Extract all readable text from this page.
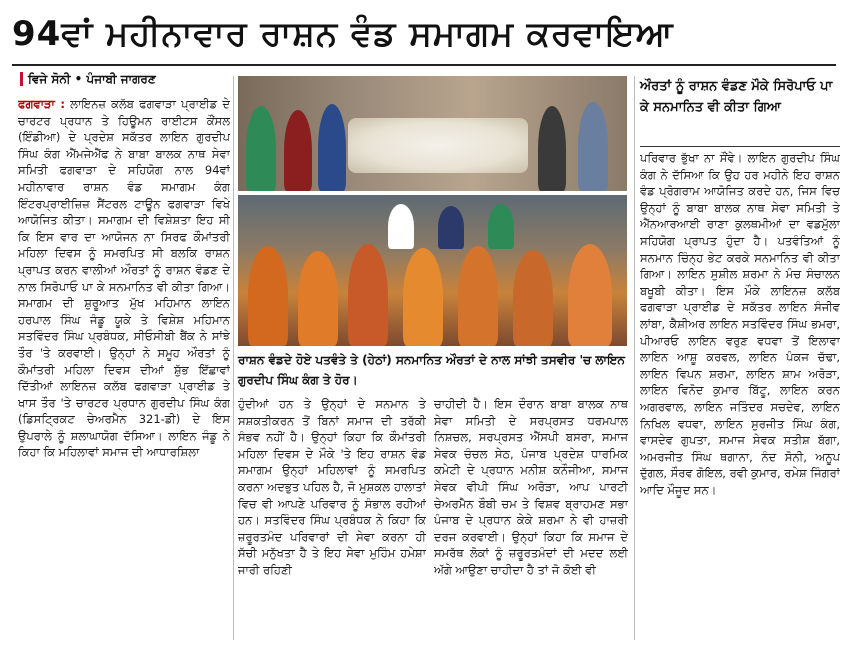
94ਵਾਂ ਮਹੀਨਾਵਾਰ ਰਾਸ਼ਨ ਵੰਡ ਸਮਾਗਮ ਕਰਵਾਇਆ
ਵਿਜੇ ਸੋਨੀ • ਪੰਜਾਬੀ ਜਾਗਰਣ

ਫਗਵਾੜਾ : ਲਾਇਨਜ਼ ਕਲੱਬ ਫਗਵਾੜਾ ਪ੍ਰਾਈਡ ਦੇ ਚਾਰਟਰ ਪ੍ਰਧਾਨ ਤੇ ਹਿਊਮਨ ਰਾਈਟਸ ਕੌਂਸਲ (ਇੰਡੀਆ) ਦੇ ਪ੍ਰਦੇਸ਼ ਸਕੱਤਰ ਲਾਇਨ ਗੁਰਦੀਪ ਸਿੰਘ ਕੰਗ ਐੱਮਜੇਐੱਫ ਨੇ ਬਾਬਾ ਬਾਲਕ ਨਾਥ ਸੇਵਾ ਸਮਿਤੀ ਫਗਵਾੜਾ ਦੇ ਸਹਿਯੋਗ ਨਾਲ 94ਵਾਂ ਮਹੀਨਾਵਾਰ ਰਾਸ਼ਨ ਵੰਡ ਸਮਾਗਮ ਕੰਗ ਇੰਟਰਪ੍ਰਾਈਜ਼ਿਜ਼ ਸੈਂਟਰਲ ਟਾਊਨ ਫਗਵਾੜਾ ਵਿਖੇ ਆਯੋਜਿਤ ਕੀਤਾ। ਸਮਾਗਮ ਦੀ ਵਿਸ਼ੇਸ਼ਤਾ ਇਹ ਸੀ ਕਿ ਇਸ ਵਾਰ ਦਾ ਆਯੋਜਨ ਨਾ ਸਿਰਫ ਕੌਮਾਂਤਰੀ ਮਹਿਲਾ ਦਿਵਸ ਨੂੰ ਸਮਰਪਿਤ ਸੀ ਬਲਕਿ ਰਾਸ਼ਨ ਪ੍ਰਾਪਤ ਕਰਨ ਵਾਲੀਆਂ ਔਰਤਾਂ ਨੂੰ ਰਾਸ਼ਨ ਵੰਡਣ ਦੇ ਨਾਲ ਸਿਰੋਪਾਓ ਪਾ ਕੇ ਸਨਮਾਨਿਤ ਵੀ ਕੀਤਾ ਗਿਆ। ਸਮਾਗਮ ਦੀ ਸ਼ੁਰੂਆਤ ਮੁੱਖ ਮਹਿਮਾਨ ਲਾਇਨ ਹਰਪਾਲ ਸਿੰਘ ਜੰਡੂ ਯੂਕੇ ਤੇ ਵਿਸ਼ੇਸ਼ ਮਹਿਮਾਨ ਸਤਵਿੰਦਰ ਸਿੰਘ ਪ੍ਰਬੰਧਕ, ਸੀਓਸੀਬੀ ਬੈਂਕ ਨੇ ਸਾਂਝੇ ਤੌਰ 'ਤੇ ਕਰਵਾਈ। ਉਨ੍ਹਾਂ ਨੇ ਸਮੂਹ ਔਰਤਾਂ ਨੂੰ ਕੌਮਾਂਤਰੀ ਮਹਿਲਾ ਦਿਵਸ ਦੀਆਂ ਸ਼ੁੱਭ ਇੱਛਾਵਾਂ ਦਿੱਤੀਆਂ ਲਾਇਨਜ਼ ਕਲੱਬ ਫਗਵਾੜਾ ਪ੍ਰਾਈਡ ਤੇ ਖਾਸ ਤੌਰ 'ਤੇ ਚਾਰਟਰ ਪ੍ਰਧਾਨ ਗੁਰਦੀਪ ਸਿੰਘ ਕੰਗ (ਡਿਸਟ੍ਰਿਕਟ ਚੇਅਰਮੈਨ 321-ਡੀ) ਦੇ ਇਸ ਉਪਰਾਲੇ ਨੂੰ ਸ਼ਲਾਘਾਯੋਗ ਦੱਸਿਆ। ਲਾਇਨ ਜੰਡੂ ਨੇ ਕਿਹਾ ਕਿ ਮਹਿਲਾਵਾਂ ਸਮਾਜ ਦੀ ਆਧਾਰਸ਼ਿਲਾ

ਰਾਸ਼ਨ ਵੰਡਦੇ ਹੋਏ ਪਤਵੰਤੇ ਤੇ (ਹੇਠਾਂ) ਸਨਮਾਨਿਤ ਔਰਤਾਂ ਦੇ ਨਾਲ ਸਾਂਝੀ ਤਸਵੀਰ 'ਚ ਲਾਇਨ ਗੁਰਦੀਪ ਸਿੰਘ ਕੰਗ ਤੇ ਹੋਰ।

ਹੁੰਦੀਆਂ ਹਨ ਤੇ ਉਨ੍ਹਾਂ ਦੇ ਸਨਮਾਨ ਤੇ ਸਸ਼ਕਤੀਕਰਨ ਤੋਂ ਬਿਨਾਂ ਸਮਾਜ ਦੀ ਤਰੱਕੀ ਸੰਭਵ ਨਹੀਂ ਹੈ। ਉਨ੍ਹਾਂ ਕਿਹਾ ਕਿ ਕੌਮਾਂਤਰੀ ਮਹਿਲਾ ਦਿਵਸ ਦੇ ਮੌਕੇ 'ਤੇ ਇਹ ਰਾਸ਼ਨ ਵੰਡ ਸਮਾਗਮ ਉਨ੍ਹਾਂ ਮਹਿਲਾਵਾਂ ਨੂੰ ਸਮਰਪਿਤ ਕਰਨਾ ਅਦਭੁਤ ਪਹਿਲ ਹੈ, ਜੋ ਮੁਸ਼ਕਲ ਹਾਲਾਤਾਂ ਵਿਚ ਵੀ ਆਪਣੇ ਪਰਿਵਾਰ ਨੂੰ ਸੰਭਾਲ ਰਹੀਆਂ ਹਨ। ਸਤਵਿੰਦਰ ਸਿੰਘ ਪ੍ਰਬੰਧਕ ਨੇ ਕਿਹਾ ਕਿ ਜ਼ਰੂਰਤਮੰਦ ਪਰਿਵਾਰਾਂ ਦੀ ਸੇਵਾ ਕਰਨਾ ਹੀ ਸੱਚੀ ਮਨੁੱਖਤਾ ਹੈ ਤੇ ਇਹ ਸੇਵਾ ਮੁਹਿੰਮ ਹਮੇਸ਼ਾ ਜਾਰੀ ਰਹਿਣੀ

ਚਾਹੀਦੀ ਹੈ। ਇਸ ਦੌਰਾਨ ਬਾਬਾ ਬਾਲਕ ਨਾਥ ਸੇਵਾ ਸਮਿਤੀ ਦੇ ਸਰਪ੍ਰਸਤ ਧਰਮਪਾਲ ਨਿਸ਼ਚਲ, ਸਰਪ੍ਰਸਤ ਐੱਸਪੀ ਬਸਰਾ, ਸਮਾਜ ਸੇਵਕ ਚੰਚਲ ਸੇਠ, ਪੰਜਾਬ ਪ੍ਰਦੇਸ਼ ਧਾਰਮਿਕ ਕਮੇਟੀ ਦੇ ਪ੍ਰਧਾਨ ਮਨੀਸ਼ ਕਨੌਜੀਆ, ਸਮਾਜ ਸੇਵਕ ਵੀਪੀ ਸਿੰਘ ਅਰੋੜਾ, ਆਪ ਪਾਰਟੀ ਚੇਅਰਮੈਨ ਬੌਬੀ ਚਮ ਤੇ ਵਿਸ਼ਵ ਬ੍ਰਾਹਮਣ ਸਭਾ ਪੰਜਾਬ ਦੇ ਪ੍ਰਧਾਨ ਕੇਕੇ ਸ਼ਰਮਾ ਨੇ ਵੀ ਹਾਜ਼ਰੀ ਦਰਜ ਕਰਵਾਈ। ਉਨ੍ਹਾਂ ਕਿਹਾ ਕਿ ਸਮਾਜ ਦੇ ਸਮਰੱਥ ਲੋਕਾਂ ਨੂੰ ਜ਼ਰੂਰਤਮੰਦਾਂ ਦੀ ਮਦਦ ਲਈ ਅੱਗੇ ਆਉਣਾ ਚਾਹੀਦਾ ਹੈ ਤਾਂ ਜੋ ਕੋਈ ਵੀ

ਔਰਤਾਂ ਨੂੰ ਰਾਸ਼ਨ ਵੰਡਣ ਮੌਕੇ ਸਿਰੋਪਾਓ ਪਾ ਕੇ ਸਨਮਾਨਿਤ ਵੀ ਕੀਤਾ ਗਿਆ

ਪਰਿਵਾਰ ਭੁੱਖਾ ਨਾ ਸੌਂਵੇ। ਲਾਇਨ ਗੁਰਦੀਪ ਸਿੰਘ ਕੰਗ ਨੇ ਦੱਸਿਆ ਕਿ ਉਹ ਹਰ ਮਹੀਨੇ ਇਹ ਰਾਸ਼ਨ ਵੰਡ ਪ੍ਰੋਗਰਾਮ ਆਯੋਜਿਤ ਕਰਦੇ ਹਨ, ਜਿਸ ਵਿਚ ਉਨ੍ਹਾਂ ਨੂੰ ਬਾਬਾ ਬਾਲਕ ਨਾਥ ਸੇਵਾ ਸਮਿਤੀ ਤੇ ਐੱਨਆਰਆਈ ਰਾਣਾ ਕੁਲਥਮੀਆਂ ਦਾ ਵਡਮੁੱਲਾ ਸਹਿਯੋਗ ਪ੍ਰਾਪਤ ਹੁੰਦਾ ਹੈ। ਪਤਵੰਤਿਆਂ ਨੂੰ ਸਨਮਾਨ ਚਿੰਨ੍ਹ ਭੇਟ ਕਰਕੇ ਸਨਮਾਨਿਤ ਵੀ ਕੀਤਾ ਗਿਆ। ਲਾਇਨ ਸੁਸ਼ੀਲ ਸ਼ਰਮਾ ਨੇ ਮੰਚ ਸੰਚਾਲਨ ਬਖੂਬੀ ਕੀਤਾ। ਇਸ ਮੌਕੇ ਲਾਇਨਜ਼ ਕਲੱਬ ਫਗਵਾੜਾ ਪ੍ਰਾਈਡ ਦੇ ਸਕੱਤਰ ਲਾਇਨ ਸੰਜੀਵ ਲਾਂਬਾ, ਕੈਸ਼ੀਅਰ ਲਾਇਨ ਸਤਵਿੰਦਰ ਸਿੰਘ ਭਮਰਾ, ਪੀਆਰਓ ਲਾਇਨ ਵਰੁਣ ਵਧਵਾ ਤੋਂ ਇਲਾਵਾ ਲਾਇਨ ਆਸ਼ੂ ਕਰਵਲ, ਲਾਇਨ ਪੰਕਜ ਚੱਢਾ, ਲਾਇਨ ਵਿਪਨ ਸ਼ਰਮਾ, ਲਾਇਨ ਸ਼ਾਮ ਅਰੋੜਾ, ਲਾਇਨ ਵਿਨੋਦ ਕੁਮਾਰ ਬਿੱਟੂ, ਲਾਇਨ ਕਰਨ ਅਗਰਵਾਲ, ਲਾਇਨ ਜਤਿੰਦਰ ਸਚਦੇਵ, ਲਾਇਨ ਨਿਖਿਲ ਵਧਵਾ, ਲਾਇਨ ਸੁਰਜੀਤ ਸਿੰਘ ਕੰਗ, ਵਾਸਦੇਵ ਗੁਪਤਾ, ਸਮਾਜ ਸੇਵਕ ਸਤੀਸ਼ ਬੱਗਾ, ਅਮਰਜੀਤ ਸਿੰਘ ਥਗਾਨਾ, ਨੰਦ ਸੋਨੀ, ਅਨੂਪ ਦੁੱਗਲ, ਸੌਰਵ ਗੋਇਲ, ਰਵੀ ਕੁਮਾਰ, ਰਮੇਸ਼ ਜਿੰਗਰਾਂ ਆਦਿ ਮੌਜੂਦ ਸਨ।
